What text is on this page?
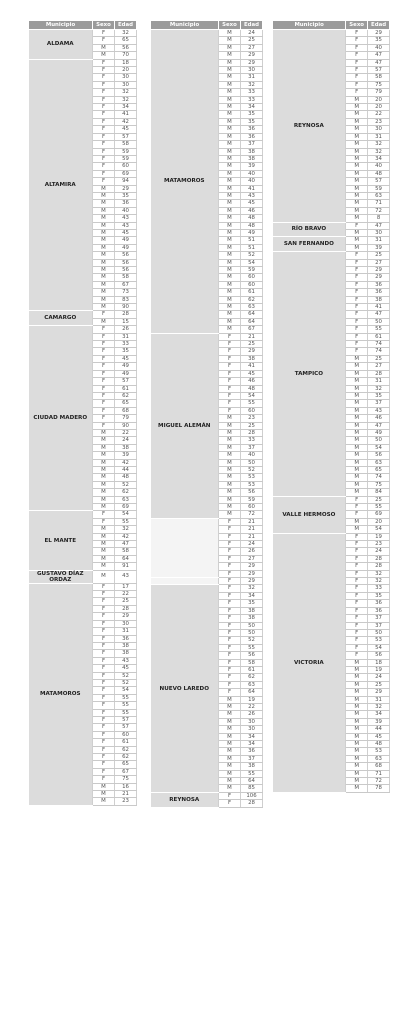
Municipio	Sexo	Edad
ALDAMA	F	32
	F	65
	M	56
	M	70
ALTAMIRA	F	18
	F	20
	F	30
	F	30
	F	32
	F	32
	F	34
	F	41
	F	42
	F	45
	F	57
	F	58
	F	59
	F	59
	F	60
	F	69
	F	94
	M	29
	M	35
	M	36
	M	40
	M	43
	M	43
	M	45
	M	49
	M	49
	M	56
	M	56
	M	56
	M	58
	M	67
	M	73
	M	83
	M	90
CAMARGO	F	28
	M	15
CIUDAD MADERO	F	26
	F	31
	F	33
	F	35
	F	45
	F	49
	F	49
	F	57
	F	61
	F	62
	F	65
	F	68
	F	79
	F	90
	M	22
	M	24
	M	38
	M	39
	M	42
	M	44
	M	48
	M	52
	M	62
	M	63
	M	69
EL MANTE	F	54
	F	55
	M	32
	M	42
	M	47
	M	58
	M	64
	M	91
GUSTAVO DÍAZ ORDAZ	M	43
MATAMOROS	F	17
	F	22
	F	25
	F	28
	F	29
	F	30
	F	31
	F	36
	F	38
	F	38
	F	43
	F	45
	F	52
	F	52
	F	54
	F	55
	F	55
	F	55
	F	57
	F	57
	F	60
	F	61
	F	62
	F	62
	F	65
	F	67
	F	75
	M	16
	M	21
	M	23
Municipio	Sexo	Edad
MATAMOROS	M	24
	M	25
	M	27
	M	29
	M	29
	M	30
	M	31
	M	32
	M	33
	M	33
	M	34
	M	35
	M	35
	M	36
	M	36
	M	37
	M	38
	M	38
	M	39
	M	40
	M	40
	M	41
	M	43
	M	45
	M	46
	M	48
	M	48
	M	49
	M	51
	M	51
	M	52
	M	54
	M	59
	M	60
	M	60
	M	61
	M	62
	M	63
	M	64
	M	64
	M	67
MIGUEL ALEMÁN	F	21
	F	25
	F	29
	F	38
	F	41
	F	45
	F	46
	F	48
	F	54
	F	55
	F	60
	M	23
	M	25
	M	28
	M	33
	M	37
	M	40
	M	50
	M	52
	M	53
	M	53
	M	56
	M	59
	M	60
	M	72
	F	21
	F	21
	F	21
	F	24
	F	26
	F	27
	F	29
	F	29
	F	29
NUEVO LAREDO	F	32
	F	34
	F	35
	F	38
	F	38
	F	50
	F	50
	F	52
	F	55
	F	56
	F	58
	F	61
	F	62
	F	63
	F	64
	M	19
	M	22
	M	26
	M	30
	M	30
	M	34
	M	34
	M	36
	M	37
	M	38
	M	55
	M	64
	M	85
REYNOSA	F	106
	F	28
Municipio	Sexo	Edad
REYNOSA	F	29
	F	35
	F	40
	F	47
	F	47
	F	57
	F	58
	F	75
	F	79
	M	20
	M	20
	M	22
	M	23
	M	30
	M	31
	M	32
	M	32
	M	34
	M	40
	M	48
	M	57
	M	59
	M	63
	M	71
	M	72
	M	8
RÍO BRAVO	F	47
	M	30
SAN FERNANDO	M	31
	M	39
TAMPICO	F	25
	F	27
	F	29
	F	29
	F	36
	F	36
	F	38
	F	41
	F	47
	F	50
	F	55
	F	61
	F	74
	F	74
	M	25
	M	27
	M	28
	M	31
	M	32
	M	35
	M	37
	M	43
	M	46
	M	47
	M	49
	M	50
	M	54
	M	56
	M	63
	M	65
	M	74
	M	75
	M	84
VALLE HERMOSO	F	25
	F	55
	F	69
	M	20
	M	54
VICTORIA	F	19
	F	23
	F	24
	F	28
	F	28
	F	32
	F	32
	F	33
	F	35
	F	36
	F	36
	F	37
	F	37
	F	50
	F	53
	F	54
	F	56
	M	18
	M	19
	M	24
	M	25
	M	29
	M	31
	M	32
	M	34
	M	39
	M	44
	M	45
	M	48
	M	53
	M	63
	M	68
	M	71
	M	72
	M	78
